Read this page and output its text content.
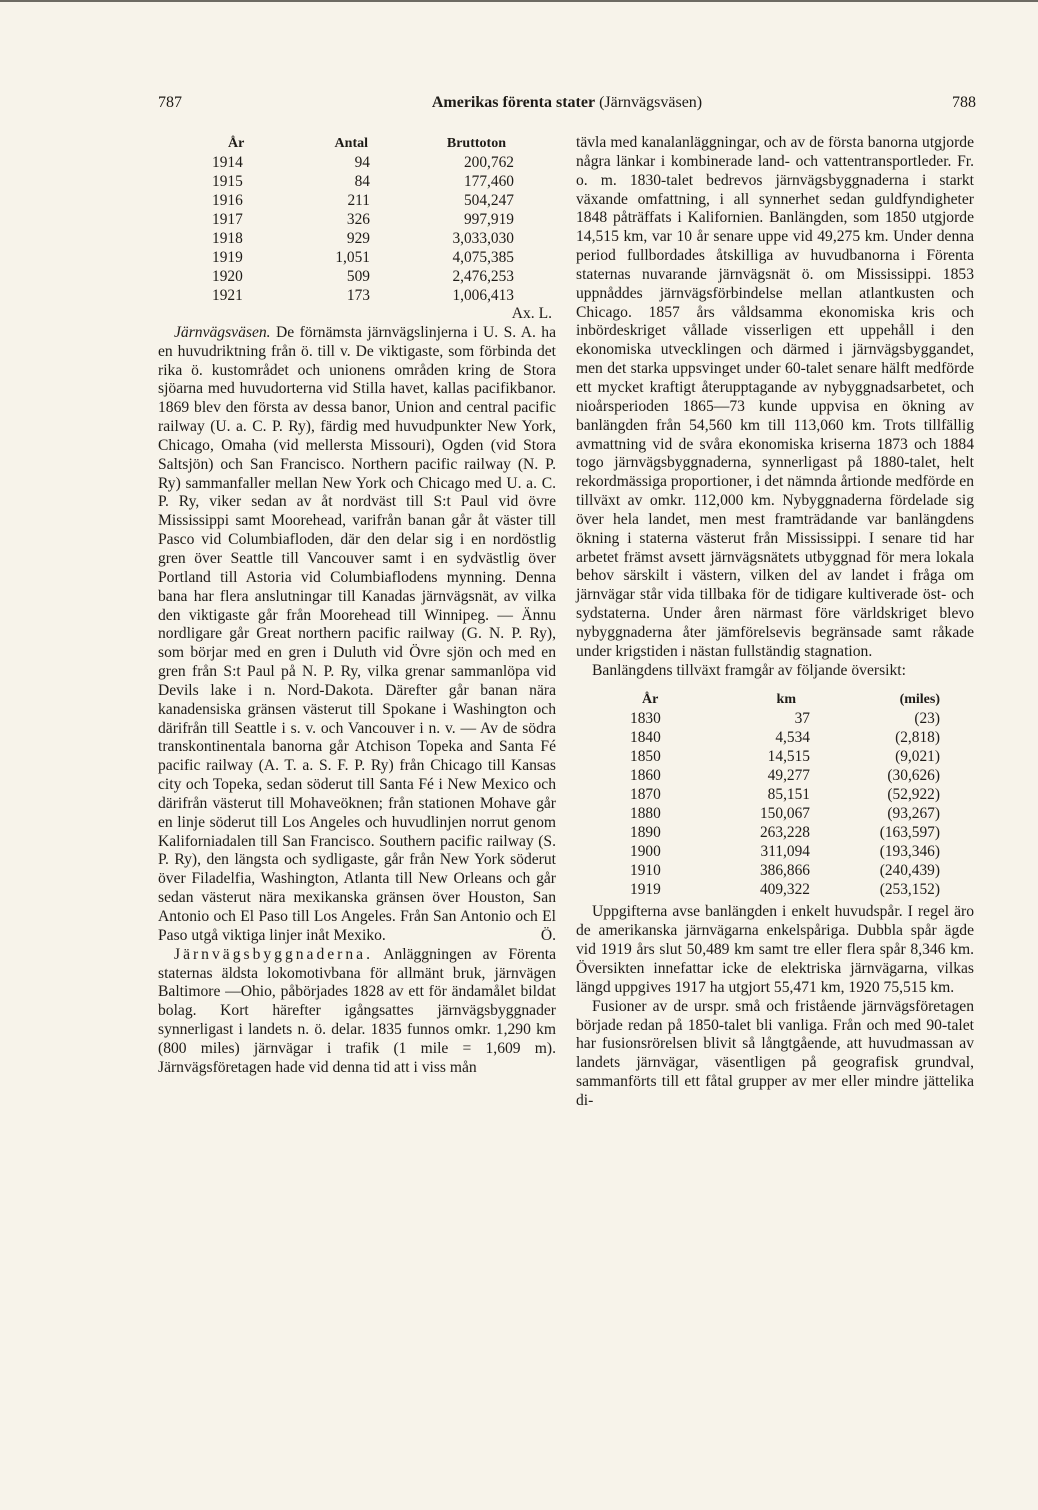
787	Amerikas förenta stater (Järnvägsväsen)	788
År	Antal	Bruttoton
1914	94	200,762
1915	84	177,460
1916	211	504,247
1917	326	997,919
1918	929	3,033,030
1919	1,051	4,075,385
1920	509	2,476,253
1921	173	1,006,413
Ax. L.

Järnvägsväsen. De förnämsta järnvägslinjerna i U. S. A. ha en huvudriktning från ö. till v. De viktigaste, som förbinda det rika ö. kustområdet och unionens områden kring de Stora sjöarna med huvudorterna vid Stilla havet, kallas pacifikbanor. 1869 blev den första av dessa banor, Union and central pacific railway (U. a. C. P. Ry), färdig med huvudpunkter New York, Chicago, Omaha (vid mellersta Missouri), Ogden (vid Stora Saltsjön) och San Francisco. Northern pacific railway (N. P. Ry) sammanfaller mellan New York och Chicago med U. a. C. P. Ry, viker sedan av åt nordväst till S:t Paul vid övre Mississippi samt Moorehead, varifrån banan går åt väster till Pasco vid Columbiafloden, där den delar sig i en nordöstlig gren över Seattle till Vancouver samt i en sydvästlig över Portland till Astoria vid Columbiaflodens mynning. Denna bana har flera anslutningar till Kanadas järnvägsnät, av vilka den viktigaste går från Moorehead till Winnipeg. — Ännu nordligare går Great northern pacific railway (G. N. P. Ry), som börjar med en gren i Duluth vid Övre sjön och med en gren från S:t Paul på N. P. Ry, vilka grenar sammanlöpa vid Devils lake i n. Nord-Dakota. Därefter går banan nära kanadensiska gränsen västerut till Spokane i Washington och därifrån till Seattle i s. v. och Vancouver i n. v. — Av de södra transkontinentala banorna går Atchison Topeka and Santa Fé pacific railway (A. T. a. S. F. P. Ry) från Chicago till Kansas city och Topeka, sedan söderut till Santa Fé i New Mexico och därifrån västerut till Mohaveöknen; från stationen Mohave går en linje söderut till Los Angeles och huvudlinjen norrut genom Kaliforniadalen till San Francisco. Southern pacific railway (S. P. Ry), den längsta och sydligaste, går från New York söderut över Filadelfia, Washington, Atlanta till New Orleans och går sedan västerut nära mexikanska gränsen över Houston, San Antonio och El Paso till Los Angeles. Från San Antonio och El Paso utgå viktiga linjer inåt Mexiko.	Ö.

Järnvägsbyggnaderna. Anläggningen av Förenta staternas äldsta lokomotivbana för allmänt bruk, järnvägen Baltimore —Ohio, påbörjades 1828 av ett för ändamålet bildat bolag. Kort härefter igångsattes järnvägsbyggnader synnerligast i landets n. ö. delar. 1835 funnos omkr. 1,290 km (800 miles) järnvägar i trafik (1 mile = 1,609 m). Järnvägsföretagen hade vid denna tid att i viss mån

tävla med kanalanläggningar, och av de första banorna utgjorde några länkar i kombinerade land- och vattentransportleder. Fr. o. m. 1830-talet bedrevos järnvägsbyggnaderna i starkt växande omfattning, i all synnerhet sedan guldfyndigheter 1848 påträffats i Kalifornien. Banlängden, som 1850 utgjorde 14,515 km, var 10 år senare uppe vid 49,275 km. Under denna period fullbordades åtskilliga av huvudbanorna i Förenta staternas nuvarande järnvägsnät ö. om Mississippi. 1853 uppnåddes järnvägsförbindelse mellan atlantkusten och Chicago. 1857 års våldsamma ekonomiska kris och inbördeskriget vållade visserligen ett uppehåll i den ekonomiska utvecklingen och därmed i järnvägsbyggandet, men det starka uppsvinget under 60-talet senare hälft medförde ett mycket kraftigt återupptagande av nybyggnadsarbetet, och nioårsperioden 1865—73 kunde uppvisa en ökning av banlängden från 54,560 km till 113,060 km. Trots tillfällig avmattning vid de svåra ekonomiska kriserna 1873 och 1884 togo järnvägsbyggnaderna, synnerligast på 1880-talet, helt rekordmässiga proportioner, i det nämnda årtionde medförde en tillväxt av omkr. 112,000 km. Nybyggnaderna fördelade sig över hela landet, men mest framträdande var banlängdens ökning i staterna västerut från Mississippi. I senare tid har arbetet främst avsett järnvägsnätets utbyggnad för mera lokala behov särskilt i västern, vilken del av landet i fråga om järnvägar står vida tillbaka för de tidigare kultiverade öst- och sydstaterna. Under åren närmast före världskriget blevo nybyggnaderna åter jämförelsevis begränsade samt råkade under krigstiden i nästan fullständig stagnation.

Banlängdens tillväxt framgår av följande översikt:

År	km	(miles)
1830	37	(23)
1840	4,534	(2,818)
1850	14,515	(9,021)
1860	49,277	(30,626)
1870	85,151	(52,922)
1880	150,067	(93,267)
1890	263,228	(163,597)
1900	311,094	(193,346)
1910	386,866	(240,439)
1919	409,322	(253,152)

Uppgifterna avse banlängden i enkelt huvudspår. I regel äro de amerikanska järnvägarna enkelspåriga. Dubbla spår ägde vid 1919 års slut 50,489 km samt tre eller flera spår 8,346 km. Översikten innefattar icke de elektriska järnvägarna, vilkas längd uppgives 1917 ha utgjort 55,471 km, 1920 75,515 km.

Fusioner av de urspr. små och fristående järnvägsföretagen började redan på 1850-talet bli vanliga. Från och med 90-talet har fusionsrörelsen blivit så långtgående, att huvudmassan av landets järnvägar, väsentligen på geografisk grundval, sammanförts till ett fåtal grupper av mer eller mindre jättelika di-
